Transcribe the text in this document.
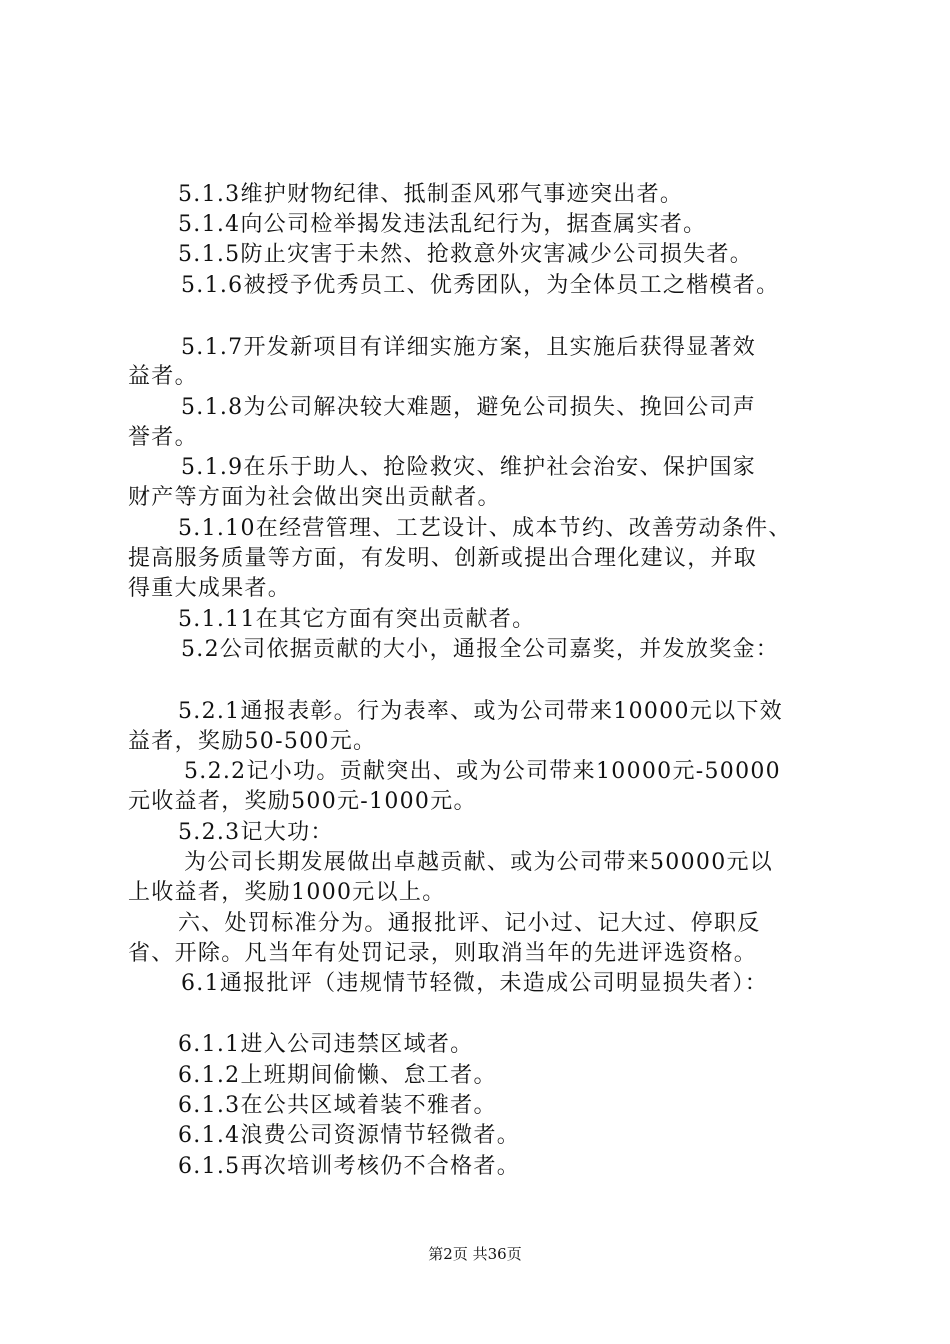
5.1.3维护财物纪律、抵制歪风邪气事迹突出者。
5.1.4向公司检举揭发违法乱纪行为，据查属实者。
5.1.5防止灾害于未然、抢救意外灾害减少公司损失者。
5.1.6被授予优秀员工、优秀团队，为全体员工之楷模者。
5.1.7开发新项目有详细实施方案，且实施后获得显著效
益者。
5.1.8为公司解决较大难题，避免公司损失、挽回公司声
誉者。
5.1.9在乐于助人、抢险救灾、维护社会治安、保护国家
财产等方面为社会做出突出贡献者。
5.1.10在经营管理、工艺设计、成本节约、改善劳动条件、
提高服务质量等方面，有发明、创新或提出合理化建议，并取
得重大成果者。
5.1.11在其它方面有突出贡献者。
5.2公司依据贡献的大小，通报全公司嘉奖，并发放奖金：
5.2.1通报表彰。行为表率、或为公司带来10000元以下效
益者，奖励50-500元。
5.2.2记小功。贡献突出、或为公司带来10000元-50000
元收益者，奖励500元-1000元。
5.2.3记大功：
为公司长期发展做出卓越贡献、或为公司带来50000元以
上收益者，奖励1000元以上。
六、处罚标准分为。通报批评、记小过、记大过、停职反
省、开除。凡当年有处罚记录，则取消当年的先进评选资格。
6.1通报批评（违规情节轻微，未造成公司明显损失者）：
6.1.1进入公司违禁区域者。
6.1.2上班期间偷懒、怠工者。
6.1.3在公共区域着装不雅者。
6.1.4浪费公司资源情节轻微者。
6.1.5再次培训考核仍不合格者。
第2页 共36页
